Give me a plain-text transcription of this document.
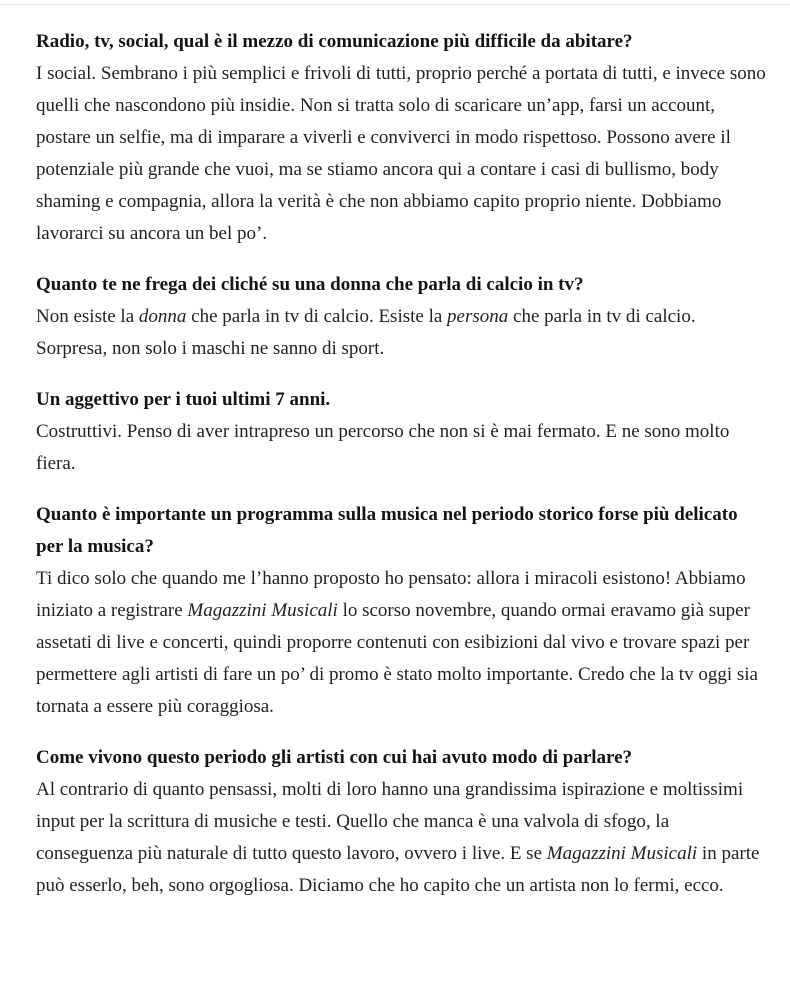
Radio, tv, social, qual è il mezzo di comunicazione più difficile da abitare?

I social. Sembrano i più semplici e frivoli di tutti, proprio perché a portata di tutti, e invece sono quelli che nascondono più insidie. Non si tratta solo di scaricare un’app, farsi un account, postare un selfie, ma di imparare a viverli e conviverci in modo rispettoso. Possono avere il potenziale più grande che vuoi, ma se stiamo ancora qui a contare i casi di bullismo, body shaming e compagnia, allora la verità è che non abbiamo capito proprio niente. Dobbiamo lavorarci su ancora un bel po’.

Quanto te ne frega dei cliché su una donna che parla di calcio in tv?

Non esiste la donna che parla in tv di calcio. Esiste la persona che parla in tv di calcio. Sorpresa, non solo i maschi ne sanno di sport.

Un aggettivo per i tuoi ultimi 7 anni.

Costruttivi. Penso di aver intrapreso un percorso che non si è mai fermato. E ne sono molto fiera.

Quanto è importante un programma sulla musica nel periodo storico forse più delicato per la musica?

Ti dico solo che quando me l’hanno proposto ho pensato: allora i miracoli esistono! Abbiamo iniziato a registrare Magazzini Musicali lo scorso novembre, quando ormai eravamo già super assetati di live e concerti, quindi proporre contenuti con esibizioni dal vivo e trovare spazi per permettere agli artisti di fare un po’ di promo è stato molto importante. Credo che la tv oggi sia tornata a essere più coraggiosa.

Come vivono questo periodo gli artisti con cui hai avuto modo di parlare?

Al contrario di quanto pensassi, molti di loro hanno una grandissima ispirazione e moltissimi input per la scrittura di musiche e testi. Quello che manca è una valvola di sfogo, la conseguenza più naturale di tutto questo lavoro, ovvero i live. E se Magazzini Musicali in parte può esserlo, beh, sono orgogliosa. Diciamo che ho capito che un artista non lo fermi, ecco.
